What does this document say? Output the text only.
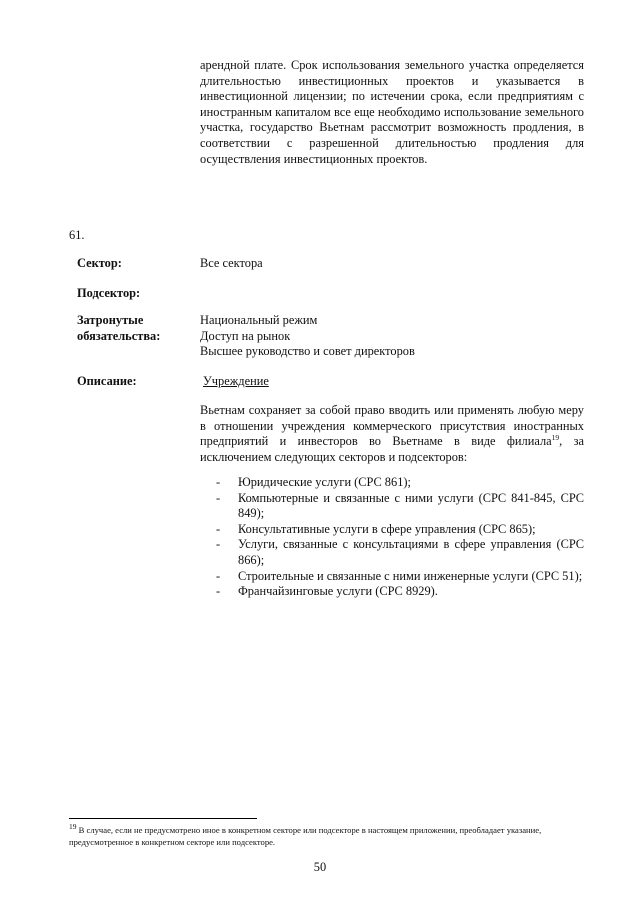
арендной плате. Срок использования земельного участка определяется длительностью инвестиционных проектов и указывается в инвестиционной лицензии; по истечении срока, если предприятиям с иностранным капиталом все еще необходимо использование земельного участка, государство Вьетнам рассмотрит возможность продления, в соответствии с разрешенной длительностью продления для осуществления инвестиционных проектов.
61.
Сектор:	Все сектора
Подсектор:
Затронутые
обязательства:
Национальный режим
Доступ на рынок
Высшее руководство и совет директоров
Описание:	Учреждение
Вьетнам сохраняет за собой право вводить или применять любую меру в отношении учреждения коммерческого присутствия иностранных предприятий и инвесторов во Вьетнаме в виде филиала$^{19}$, за исключением следующих секторов и подсекторов:
-	Юридические услуги (CPC 861);
-	Компьютерные и связанные с ними услуги (CPC 841-845, CPC 849);
-	Консультативные услуги в сфере управления (CPC 865);
-	Услуги, связанные с консультациями в сфере управления (CPC 866);
-	Строительные и связанные с ними инженерные услуги (CPC 51);
-	Франчайзинговые услуги (CPC 8929).
$^{19}$ В случае, если не предусмотрено иное в конкретном секторе или подсекторе в настоящем приложении, преобладает указание, предусмотренное в конкретном секторе или подсекторе.
50
